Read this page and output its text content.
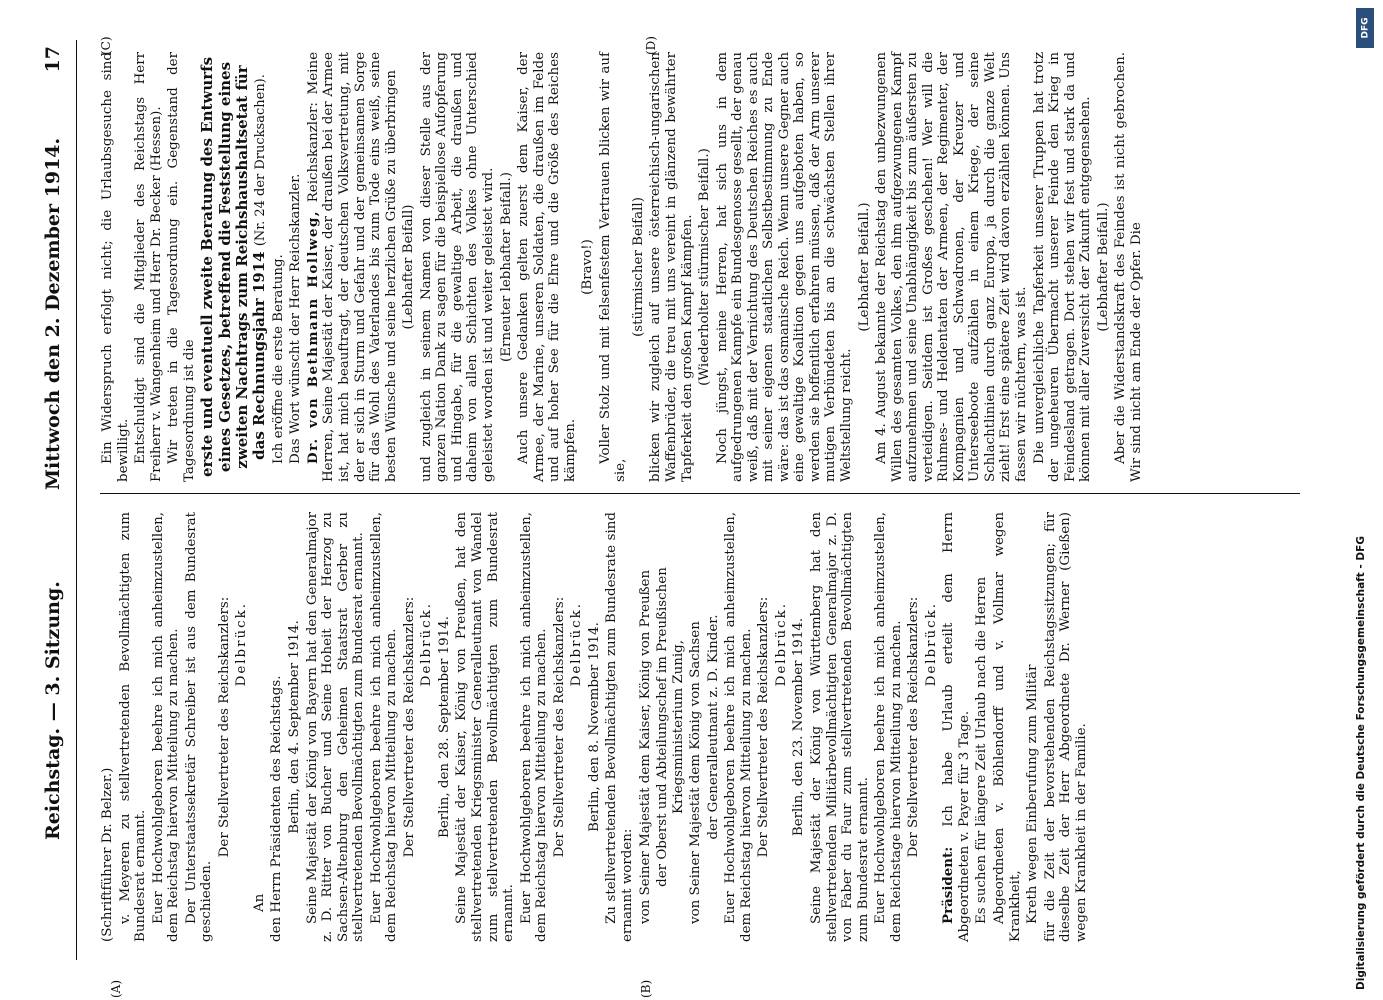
Reichstag. — 3. Sitzung.
Mittwoch den 2. Dezember 1914.
17
(A)	(B)
(C)	(D)

(Schriftführer Dr. Belzer.) v. Meyeren zu stellvertretenden Bevollmächtigten zum Bundesrat ernannt. Euer Hochwohlgeboren beehre ich mich anheimzustellen, dem Reichstag hiervon Mitteilung zu machen. Der Unterstaatssekretär Schreiber ist aus dem Bundesrat geschieden.

Der Stellvertreter des Reichskanzlers: Delbrück.

An den Herrn Präsidenten des Reichstags. Berlin, den 4. September 1914. Seine Majestät der König von Bayern hat den Generalmajor z. D. Ritter von Bucher und Seine Hoheit der Herzog zu Sachsen-Altenburg den Geheimen Staatsrat Gerber zu stellvertretenden Bevollmächtigten zum Bundesrat ernannt. Euer Hochwohlgeboren beehre ich mich anheimzustellen, dem Reichstag hiervon Mitteilung zu machen. Der Stellvertreter des Reichskanzlers: Delbrück. Berlin, den 28. September 1914. Seine Majestät der Kaiser, König von Preußen, hat den stellvertretenden Kriegsminister Generalleutnant von Wandel zum stellvertretenden Bevollmächtigten zum Bundesrat ernannt. Euer Hochwohlgeboren beehre ich mich anheimzustellen, dem Reichstag hiervon Mitteilung zu machen. Der Stellvertreter des Reichskanzlers: Delbrück. Berlin, den 8. November 1914. Zu stellvertretenden Bevollmächtigten zum Bundesrate sind ernannt worden: von Seiner Majestät dem Kaiser, König von Preußen der Oberst und Abteilungschef im Preußischen Kriegsministerium Zunig, von Seiner Majestät dem König von Sachsen der Generalleutnant z. D. Kinder. Euer Hochwohlgeboren beehre ich mich anheimzustellen, dem Reichstag hiervon Mitteilung zu machen. Der Stellvertreter des Reichskanzlers: Delbrück. Berlin, den 23. November 1914. Seine Majestät der König von Württemberg hat den stellvertretenden Militärbevollmächtigten Generalmajor z. D. von Faber du Faur zum stellvertretenden Bevollmächtigten zum Bundesrat ernannt. Euer Hochwohlgeboren beehre ich mich anheimzustellen, dem Reichstage hiervon Mitteilung zu machen. Der Stellvertreter des Reichskanzlers: Delbrück.

Präsident: Ich habe Urlaub erteilt dem Herrn Abgeordneten v. Payer für 3 Tage. Es suchen für längere Zeit Urlaub nach die Herren Abgeordneten v. Böhlendorff und v. Vollmar wegen Krankheit, Kreth wegen Einberufung zum Militär für die Zeit der bevorstehenden Reichstagssitzungen; für dieselbe Zeit der Herr Abgeordnete Dr. Werner (Gießen) wegen Krankheit in der Familie.

Ein Widerspruch erfolgt nicht; die Urlaubsgesuche sind bewilligt. Entschuldigt sind die Mitglieder des Reichstags Herr Freiherr v. Wangenheim und Herr Dr. Becker (Hessen). Wir treten in die Tagesordnung ein. Gegenstand der Tagesordnung ist die erste und eventuell zweite Beratung des Entwurfs eines Gesetzes, betreffend die Feststellung eines zweiten Nachtrags zum Reichshaushaltsetat für das Rechnungsjahr 1914 (Nr. 24 der Drucksachen).

Ich eröffne die erste Beratung. Das Wort wünscht der Herr Reichskanzler. Dr. von Bethmann Hollweg, Reichskanzler: Meine Herren, Seine Majestät der Kaiser, der draußen bei der Armee ist, hat mich beauftragt, der deutschen Volksvertretung, mit der er sich in Sturm und Gefahr und der gemeinsamen Sorge für das Wohl des Vaterlandes bis zum Tode eins weiß, seine besten Wünsche und seine herzlichen Grüße zu überbringen (Lebhafter Beifall) und zugleich in seinem Namen von dieser Stelle aus der ganzen Nation Dank zu sagen für die beispiellose Aufopferung und Hingabe, für die gewaltige Arbeit, die draußen und daheim von allen Schichten des Volkes ohne Unterschied geleistet worden ist und weiter geleistet wird. (Erneuter lebhafter Beifall.) Auch unsere Gedanken gelten zuerst dem Kaiser, der Armee, der Marine, unseren Soldaten, die draußen im Felde und auf hoher See für die Ehre und die Größe des Reiches kämpfen.

(Bravo!) Voller Stolz und mit felsenfestem Vertrauen blicken wir auf sie,

(stürmischer Beifall) blicken wir zugleich auf unsere österreichisch-ungarischen Waffenbrüder, die treu mit uns vereint in glänzend bewährter Tapferkeit den großen Kampf kämpfen. (Wiederholter stürmischer Beifall.) Noch jüngst, meine Herren, hat sich uns in dem aufgedrungenen Kampfe ein Bundesgenosse gesellt, der genau weiß, daß mit der Vernichtung des Deutschen Reiches es auch mit seiner eigenen staatlichen Selbstbestimmung zu Ende wäre: das ist das osmanische Reich. Wenn unsere Gegner auch eine gewaltige Koalition gegen uns aufgeboten haben, so werden sie hoffentlich erfahren müssen, daß der Arm unserer mutigen Verbündeten bis an die schwächsten Stellen ihrer Weltstellung reicht.

(Lebhafter Beifall.) Am 4. August bekannte der Reichstag den unbezwungenen Willen des gesamten Volkes, den ihm aufgezwungenen Kampf aufzunehmen und seine Unabhängigkeit bis zum äußersten zu verteidigen. Seitdem ist Großes geschehen! Wer will die Ruhmes- und Heldentaten der Armeen, der Regimenter, der Kompagnien und Schwadronen, der Kreuzer und Unterseeboote aufzählen in einem Kriege, der seine Schlachtlinien durch ganz Europa, ja durch die ganze Welt zieht! Erst eine spätere Zeit wird davon erzählen können. Uns fassen wir nüchtern, was ist. Die unvergleichliche Tapferkeit unserer Truppen hat trotz der ungeheuren Übermacht unserer Feinde den Krieg in Feindesland getragen. Dort stehen wir fest und stark da und können mit aller Zuversicht der Zukunft entgegensehen. (Lebhafter Beifall.) Aber die Widerstandskraft des Feindes ist nicht gebrochen. Wir sind nicht am Ende der Opfer. Die

Digitalisierung gefördert durch die Deutsche Forschungsgemeinschaft - DFG
DFG
